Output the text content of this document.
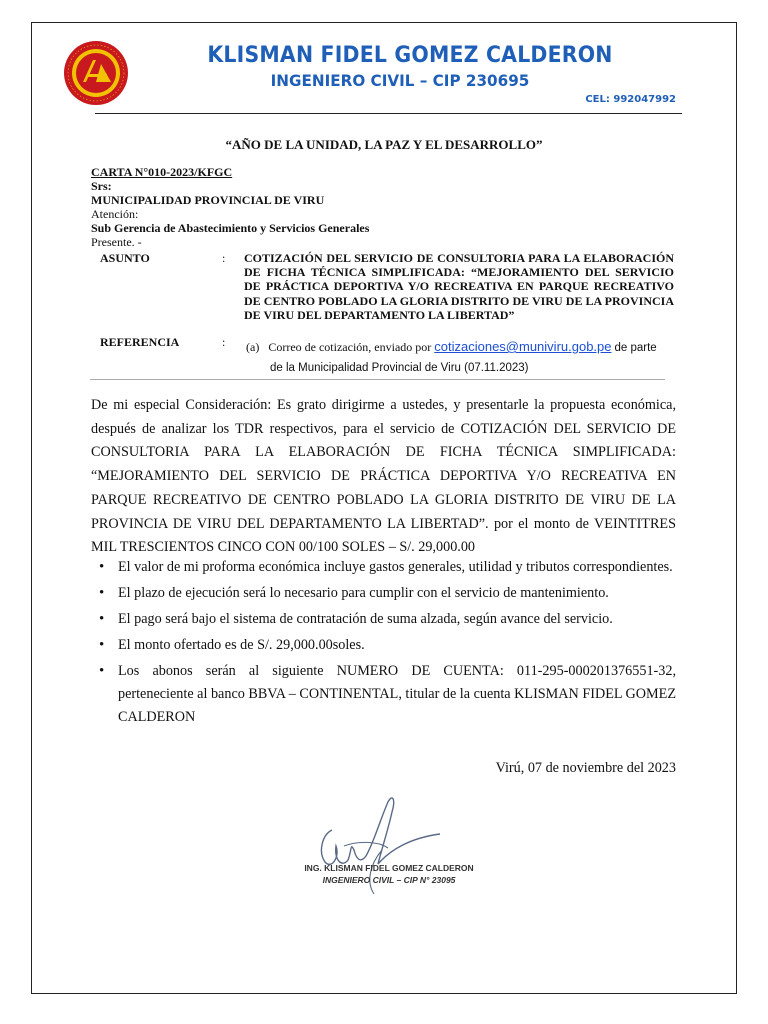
KLISMAN FIDEL GOMEZ CALDERON
INGENIERO CIVIL – CIP 230695
CEL: 992047992
“AÑO DE LA UNIDAD, LA PAZ Y EL DESARROLLO”
CARTA N°010-2023/KFGC
Srs:
MUNICIPALIDAD PROVINCIAL DE VIRU
Atención:
Sub Gerencia de Abastecimiento y Servicios Generales
Presente. -
ASUNTO	: COTIZACIÓN DEL SERVICIO DE CONSULTORIA PARA LA ELABORACIÓN DE FICHA TÉCNICA SIMPLIFICADA: “MEJORAMIENTO DEL SERVICIO DE PRÁCTICA DEPORTIVA Y/O RECREATIVA EN PARQUE RECREATIVO DE CENTRO POBLADO LA GLORIA DISTRITO DE VIRU DE LA PROVINCIA DE VIRU DEL DEPARTAMENTO LA LIBERTAD”
REFERENCIA	: (a) Correo de cotización, enviado por cotizaciones@muniviru.gob.pe de parte
de la Municipalidad Provincial de Viru (07.11.2023)
De mi especial Consideración: Es grato dirigirme a ustedes, y presentarle la propuesta económica, después de analizar los TDR respectivos, para el servicio de COTIZACIÓN DEL SERVICIO DE CONSULTORIA PARA LA ELABORACIÓN DE FICHA TÉCNICA SIMPLIFICADA: “MEJORAMIENTO DEL SERVICIO DE PRÁCTICA DEPORTIVA Y/O RECREATIVA EN PARQUE RECREATIVO DE CENTRO POBLADO LA GLORIA DISTRITO DE VIRU DE LA PROVINCIA DE VIRU DEL DEPARTAMENTO LA LIBERTAD”. por el monto de VEINTITRES MIL TRESCIENTOS CINCO CON 00/100 SOLES – S/. 29,000.00
• El valor de mi proforma económica incluye gastos generales, utilidad y tributos correspondientes.
• El plazo de ejecución será lo necesario para cumplir con el servicio de mantenimiento.
• El pago será bajo el sistema de contratación de suma alzada, según avance del servicio.
• El monto ofertado es de S/. 29,000.00soles.
• Los abonos serán al siguiente NUMERO DE CUENTA: 011-295-000201376551-32, perteneciente al banco BBVA – CONTINENTAL, titular de la cuenta KLISMAN FIDEL GOMEZ CALDERON
Virú, 07 de noviembre del 2023
ING. KLISMAN FIDEL GOMEZ CALDERON
INGENIERO CIVIL – CIP N° 23095
